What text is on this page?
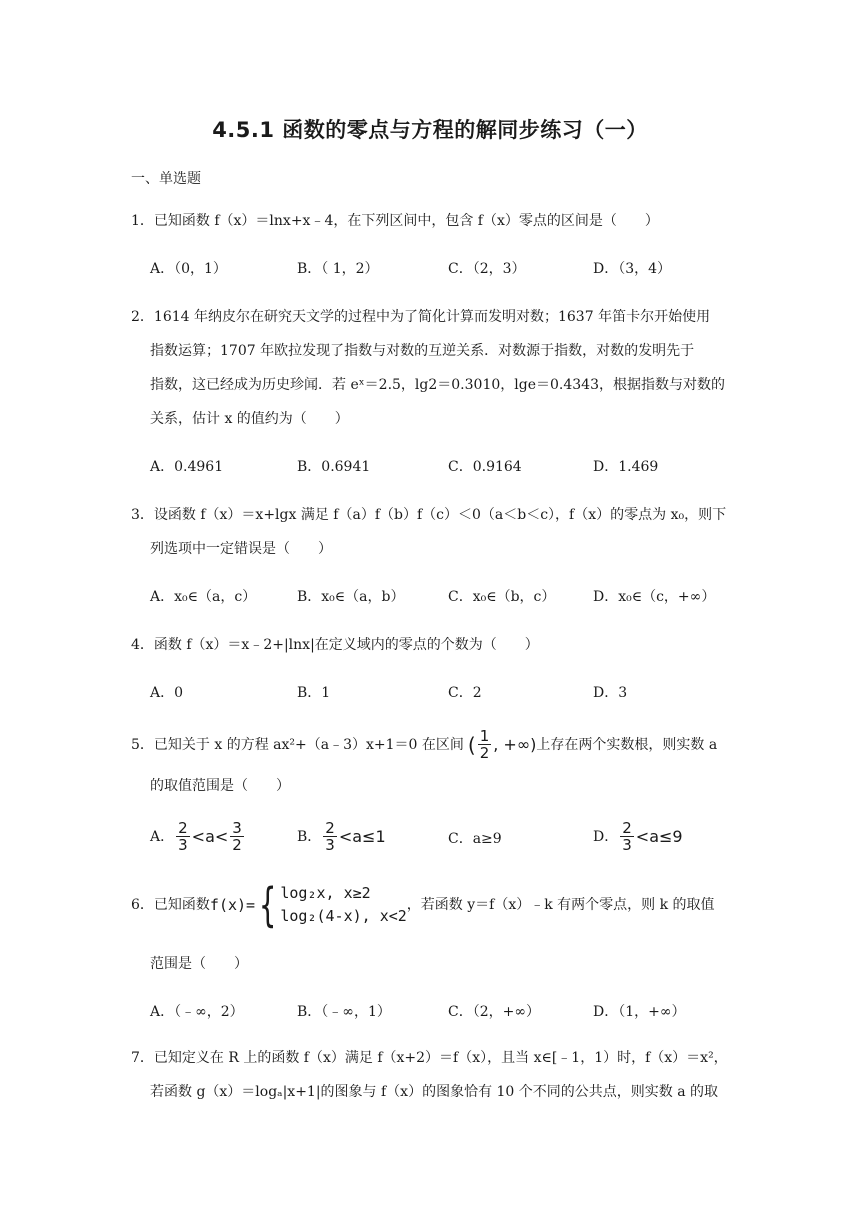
4.5.1 函数的零点与方程的解同步练习（一）
一、单选题
1．已知函数 f（x）＝lnx+x﹣4，在下列区间中，包含 f（x）零点的区间是（　　）
A．（0，1）	B．（ 1，2）	C．（2，3）	D．（3，4）
2．1614 年纳皮尔在研究天文学的过程中为了简化计算而发明对数；1637 年笛卡尔开始使用
指数运算；1707 年欧拉发现了指数与对数的互逆关系．对数源于指数，对数的发明先于
指数，这已经成为历史珍闻．若 eˣ＝2.5，lg2＝0.3010，lge＝0.4343，根据指数与对数的
关系，估计 x 的值约为（　　）
A．0.4961	B．0.6941	C．0.9164	D．1.469
3．设函数 f（x）＝x+lgx 满足 f（a）f（b）f（c）＜0（a＜b＜c），f（x）的零点为 x₀，则下
列选项中一定错误是（　　）
A．x₀∈（a，c）	B．x₀∈（a，b）	C．x₀∈（b，c）	D．x₀∈（c，+∞）
4．函数 f（x）＝x﹣2+|lnx|在定义域内的零点的个数为（　　）
A．0	B．1	C．2	D．3
5．已知关于 x 的方程 ax²+（a﹣3）x+1＝0 在区间 ( $\frac{1}{2}$ , +∞) 上存在两个实数根，则实数 a
的取值范围是（　　）
A． $\frac{2}{3} <a< \frac{3}{2}$	B． $\frac{2}{3} <a\le 1$	C．a≥9	D． $\frac{2}{3} <a\le 9$
6．已知函数 f(x)= { log₂x, x≥2
log₂(4-x), x<2
，若函数 y＝f（x）﹣k 有两个零点，则 k 的取值
范围是（　　）
A．（﹣∞，2）	B．（﹣∞，1）	C．（2，+∞）	D．（1，+∞）
7．已知定义在 R 上的函数 f（x）满足 f（x+2）＝f（x），且当 x∈[﹣1，1）时，f（x）＝x²，
若函数 g（x）＝logₐ|x+1|的图象与 f（x）的图象恰有 10 个不同的公共点，则实数 a 的取
